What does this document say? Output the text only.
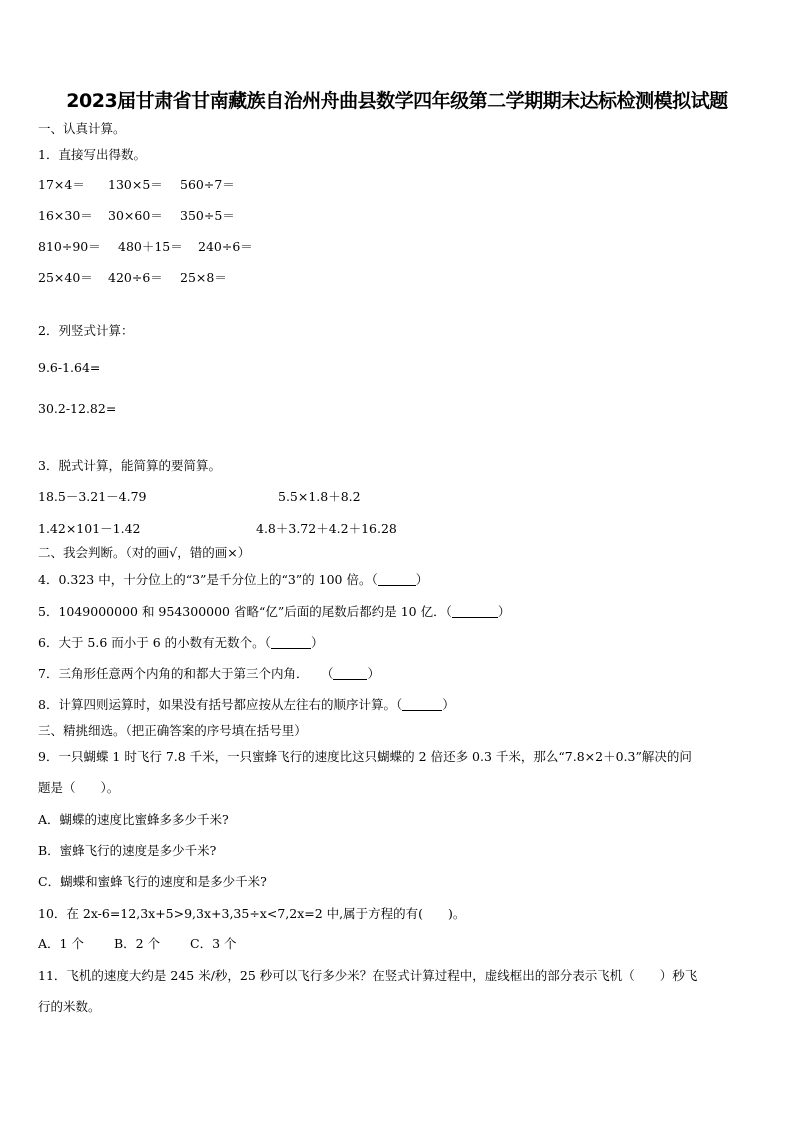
2023届甘肃省甘南藏族自治州舟曲县数学四年级第二学期期末达标检测模拟试题
一、认真计算。
1．直接写出得数。
17×4＝ 130×5＝ 560÷7＝
16×30＝ 30×60＝ 350÷5＝
810÷90＝ 480＋15＝ 240÷6＝
25×40＝ 420÷6＝ 25×8＝
2．列竖式计算：
9.6-1.64=
30.2-12.82=
3．脱式计算，能简算的要简算。
18.5－3.21－4.79	5.5×1.8＋8.2
1.42×101－1.42	4.8＋3.72＋4.2＋16.28
二、我会判断。（对的画√，错的画×）
4．0.323 中，十分位上的“3”是千分位上的“3”的 100 倍。（	）
5．1049000000 和 954300000 省略“亿”后面的尾数后都约是 10 亿．（	）
6．大于 5.6 而小于 6 的小数有无数个。（	）
7．三角形任意两个内角的和都大于第三个内角．　　（	）
8．计算四则运算时，如果没有括号都应按从左往右的顺序计算。（	）
三、精挑细选。（把正确答案的序号填在括号里）
9．一只蝴蝶 1 时飞行 7.8 千米，一只蜜蜂飞行的速度比这只蝴蝶的 2 倍还多 0.3 千米，那么“7.8×2＋0.3”解决的问
题是（　　）。
A．蝴蝶的速度比蜜蜂多多少千米?
B．蜜蜂飞行的速度是多少千米?
C．蝴蝶和蜜蜂飞行的速度和是多少千米?
10．在 2x-6=12,3x+5>9,3x+3,35÷x<7,2x=2 中,属于方程的有(　　)。
A．1 个 B．2 个 C．3 个
11．飞机的速度大约是 245 米/秒，25 秒可以飞行多少米？在竖式计算过程中，虚线框出的部分表示飞机（　　）秒飞
行的米数。
